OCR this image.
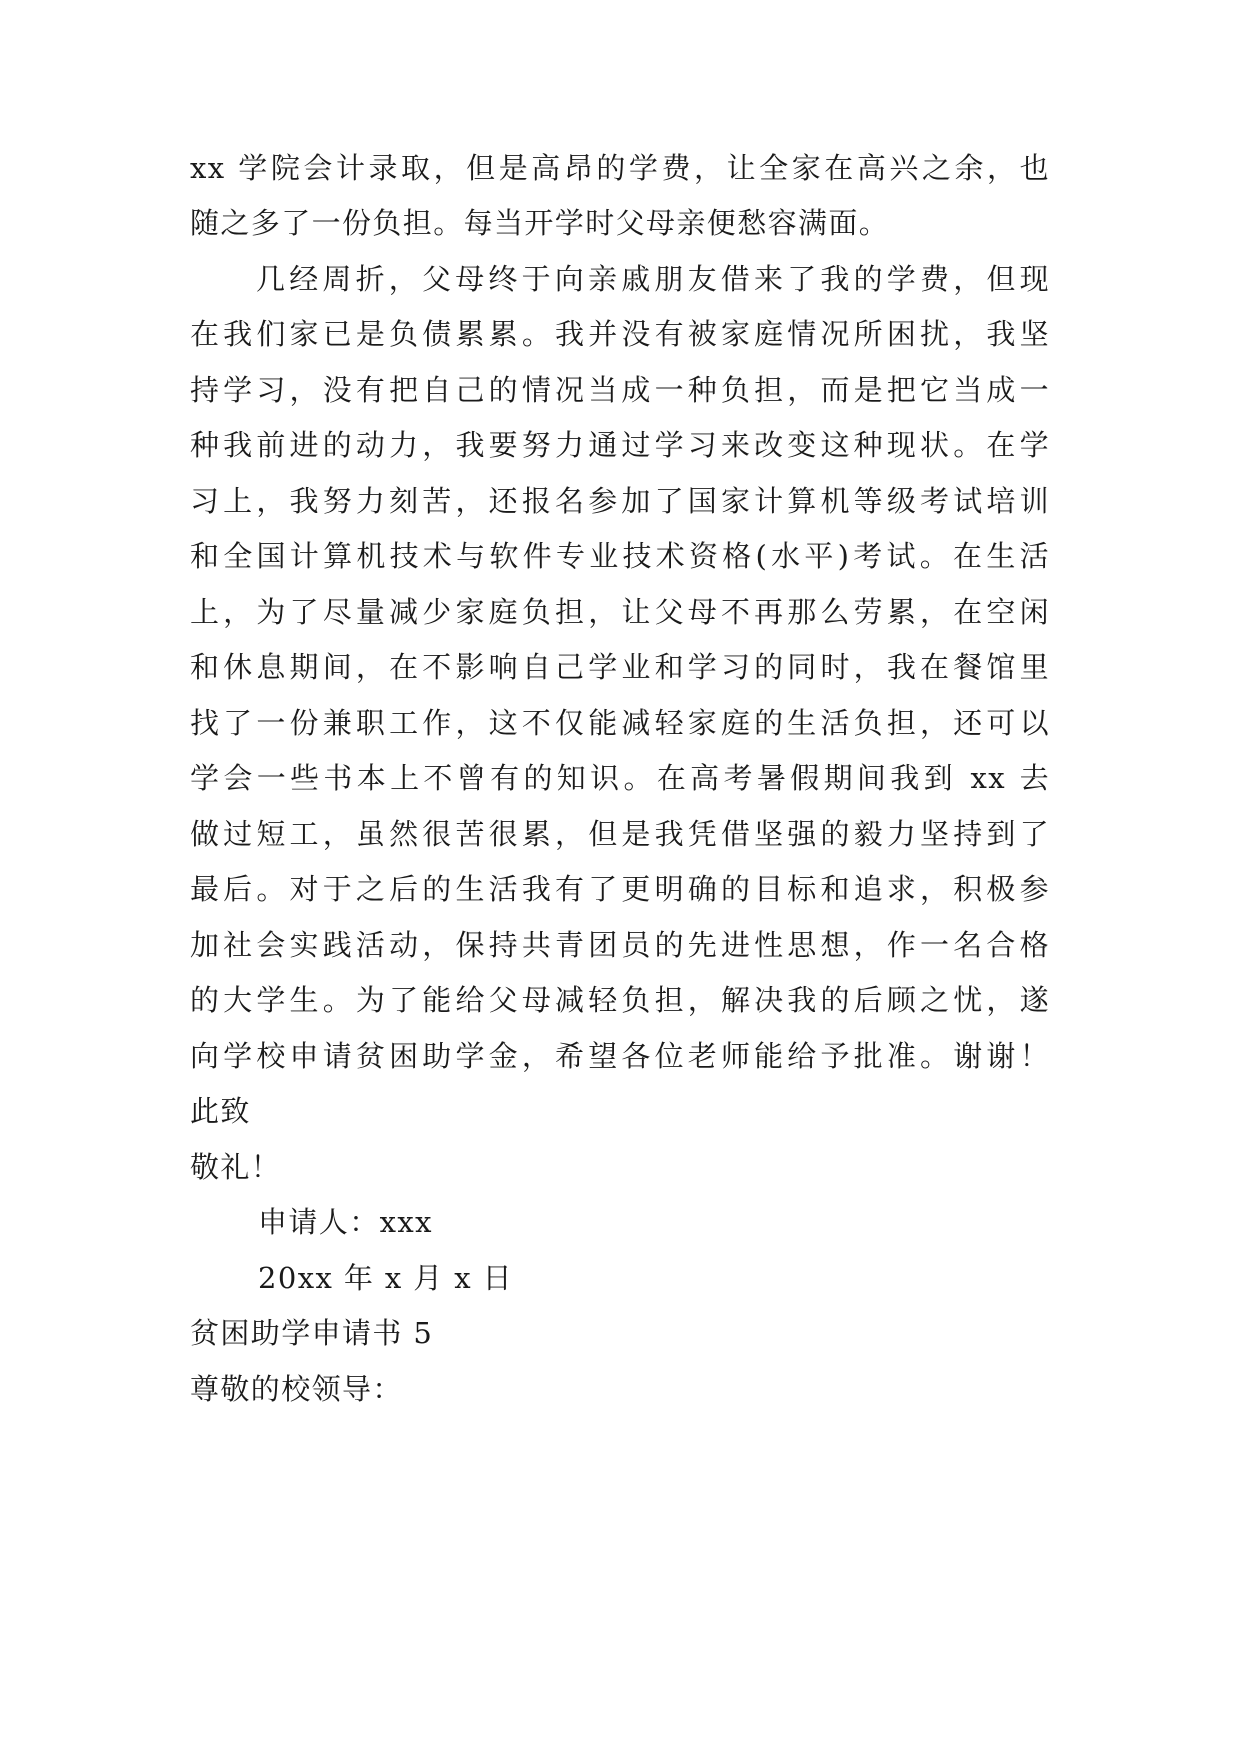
xx 学院会计录取，但是高昂的学费，让全家在高兴之余，也
随之多了一份负担。每当开学时父母亲便愁容满面。
几经周折，父母终于向亲戚朋友借来了我的学费，但现
在我们家已是负债累累。我并没有被家庭情况所困扰，我坚
持学习，没有把自己的情况当成一种负担，而是把它当成一
种我前进的动力，我要努力通过学习来改变这种现状。在学
习上，我努力刻苦，还报名参加了国家计算机等级考试培训
和全国计算机技术与软件专业技术资格(水平)考试。在生活
上，为了尽量减少家庭负担，让父母不再那么劳累，在空闲
和休息期间，在不影响自己学业和学习的同时，我在餐馆里
找了一份兼职工作，这不仅能减轻家庭的生活负担，还可以
学会一些书本上不曾有的知识。在高考暑假期间我到 xx 去
做过短工，虽然很苦很累，但是我凭借坚强的毅力坚持到了
最后。对于之后的生活我有了更明确的目标和追求，积极参
加社会实践活动，保持共青团员的先进性思想，作一名合格
的大学生。为了能给父母减轻负担，解决我的后顾之忧，遂
向学校申请贫困助学金，希望各位老师能给予批准。谢谢！
此致
敬礼！
申请人：xxx
20xx 年 x 月 x 日
贫困助学申请书 5
尊敬的校领导：
